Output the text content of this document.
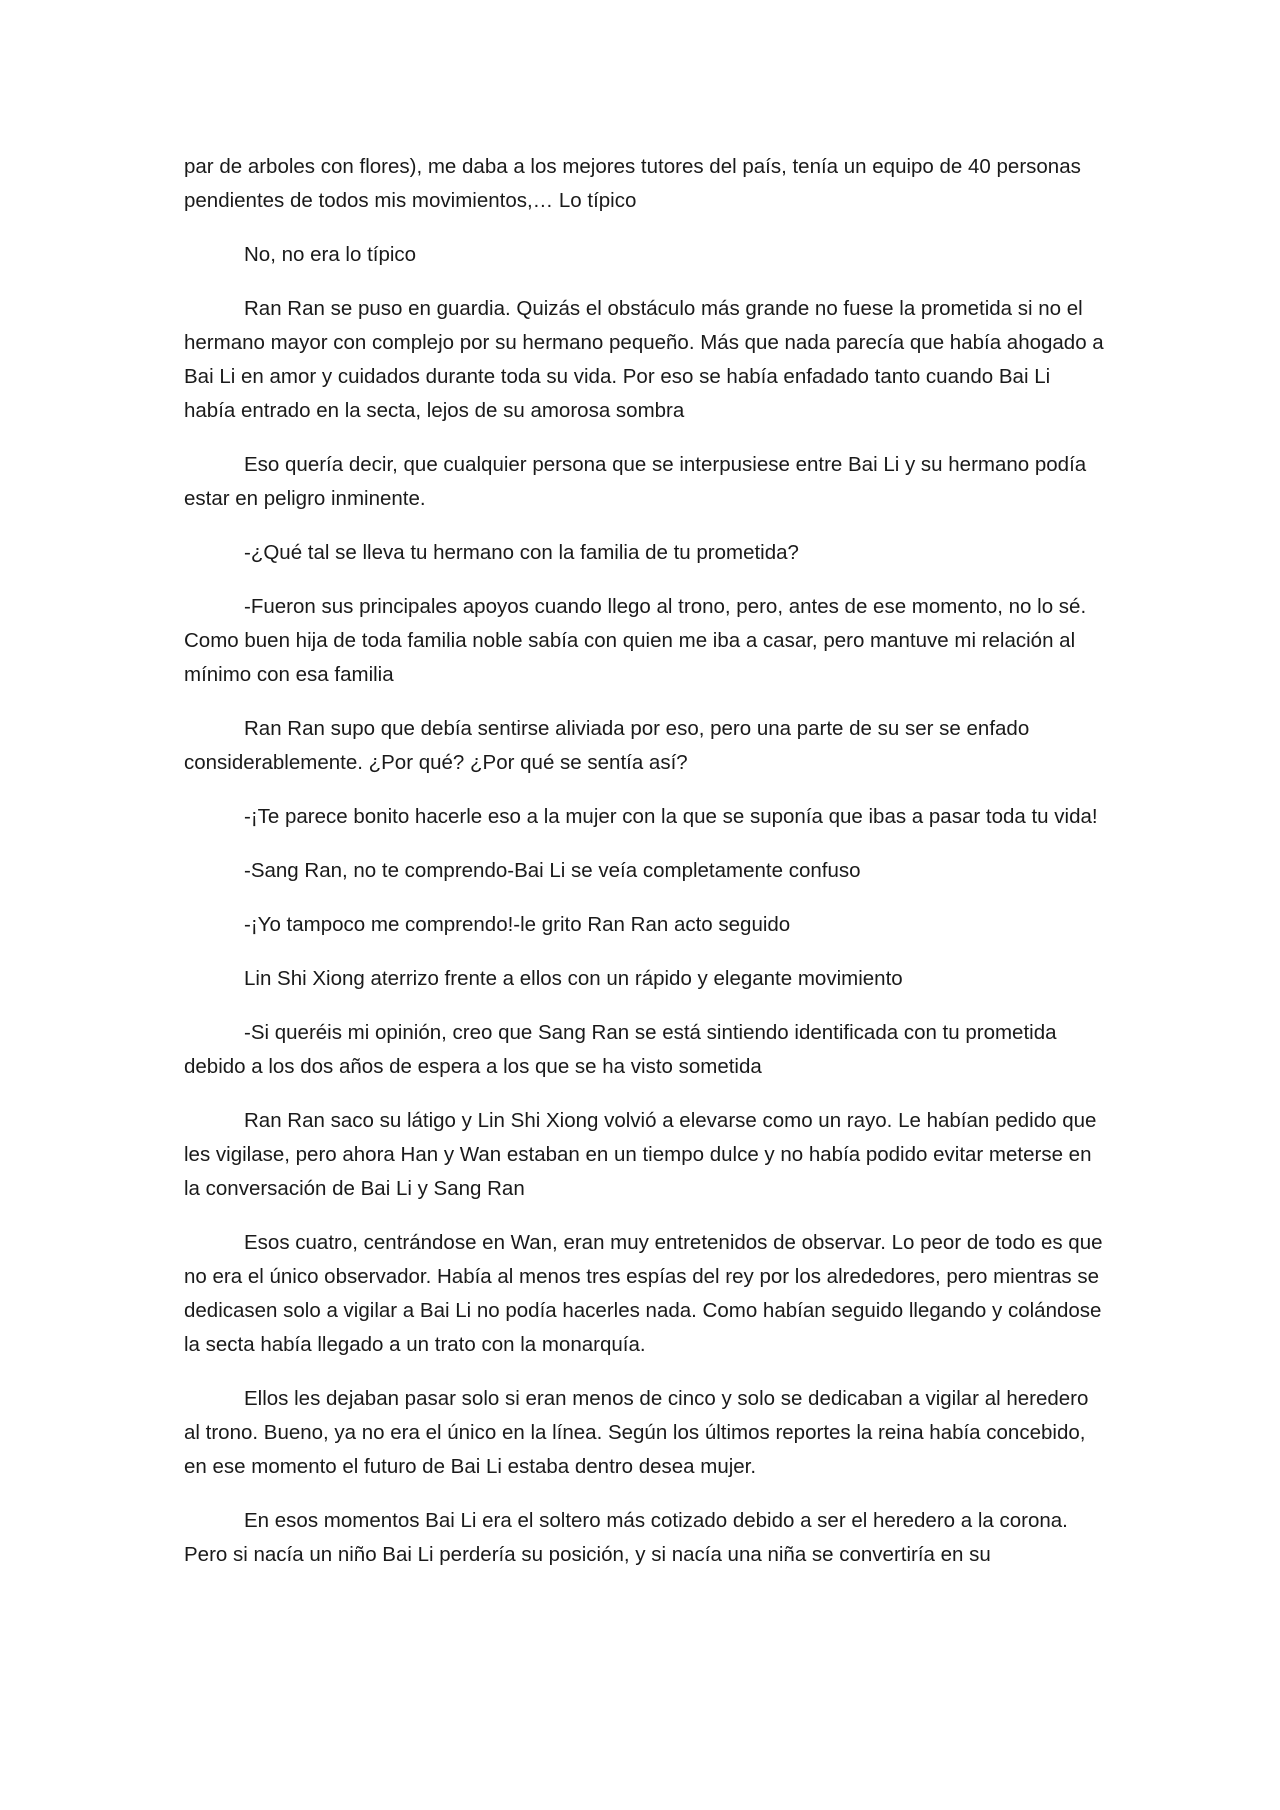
par de arboles con flores), me daba a los mejores tutores del país, tenía un equipo de 40 personas pendientes de todos mis movimientos,… Lo típico

No, no era lo típico

Ran Ran se puso en guardia. Quizás el obstáculo más grande no fuese la prometida si no el hermano mayor con complejo por su hermano pequeño. Más que nada parecía que había ahogado a Bai Li en amor y cuidados durante toda su vida. Por eso se había enfadado tanto cuando Bai Li había entrado en la secta, lejos de su amorosa sombra

Eso quería decir, que cualquier persona que se interpusiese entre Bai Li y su hermano podía estar en peligro inminente.

-¿Qué tal se lleva tu hermano con la familia de tu prometida?

-Fueron sus principales apoyos cuando llego al trono, pero, antes de ese momento, no lo sé. Como buen hija de toda familia noble sabía con quien me iba a casar, pero mantuve mi relación al mínimo con esa familia

Ran Ran supo que debía sentirse aliviada por eso, pero una parte de su ser se enfado considerablemente. ¿Por qué? ¿Por qué se sentía así?

-¡Te parece bonito hacerle eso a la mujer con la que se suponía que ibas a pasar toda tu vida!

-Sang Ran, no te comprendo-Bai Li se veía completamente confuso

-¡Yo tampoco me comprendo!-le grito Ran Ran acto seguido

Lin Shi Xiong aterrizo frente a ellos con un rápido y elegante movimiento

-Si queréis mi opinión, creo que Sang Ran se está sintiendo identificada con tu prometida debido a los dos años de espera a los que se ha visto sometida

Ran Ran saco su látigo y Lin Shi Xiong volvió a elevarse como un rayo. Le habían pedido que les vigilase, pero ahora Han y Wan estaban en un tiempo dulce y no había podido evitar meterse en la conversación de Bai Li y Sang Ran

Esos cuatro, centrándose en Wan, eran muy entretenidos de observar. Lo peor de todo es que no era el único observador. Había al menos tres espías del rey por los alrededores, pero mientras se dedicasen solo a vigilar a Bai Li no podía hacerles nada. Como habían seguido llegando y colándose la secta había llegado a un trato con la monarquía.

Ellos les dejaban pasar solo si eran menos de cinco y solo se dedicaban a vigilar al heredero al trono. Bueno, ya no era el único en la línea. Según los últimos reportes la reina había concebido, en ese momento el futuro de Bai Li estaba dentro desea mujer.

En esos momentos Bai Li era el soltero más cotizado debido a ser el heredero a la corona. Pero si nacía un niño Bai Li perdería su posición, y si nacía una niña se convertiría en su
